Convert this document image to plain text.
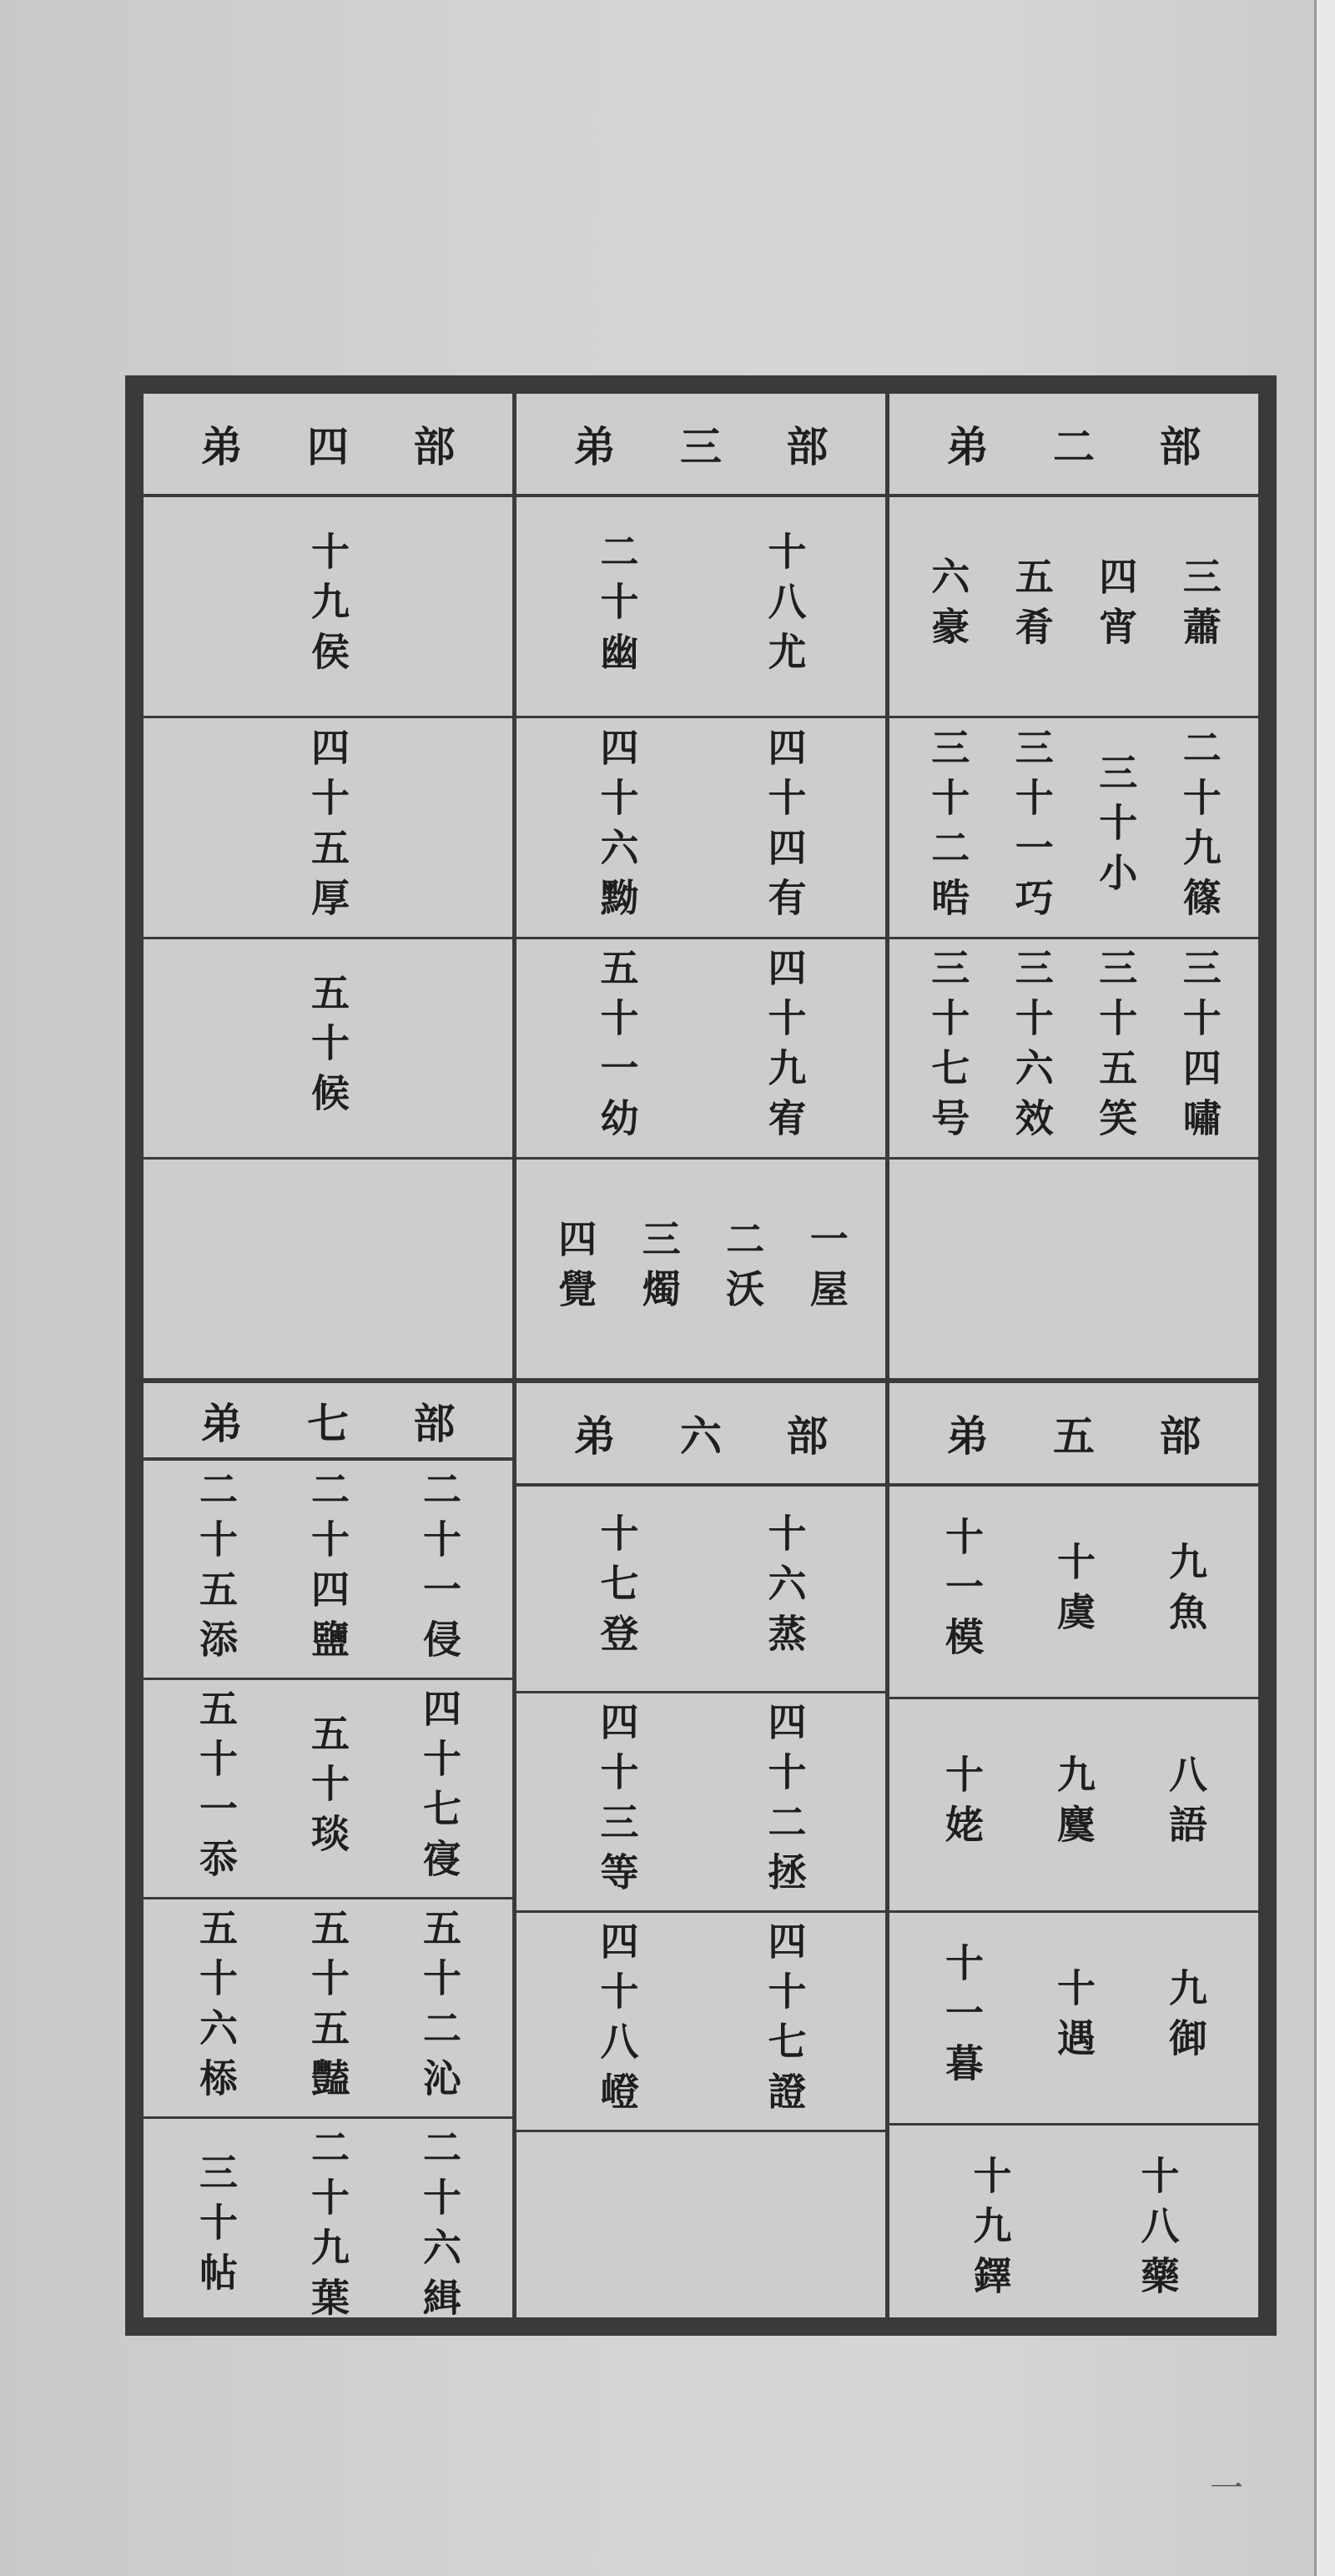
弟 二 部
三蕭
四宵
五肴
六豪
二十九篠
三十小
三十一巧
三十二晧
三十四嘯
三十五笑
三十六效
三十七号
弟 三 部
十八尤
二十幽
四十四有
四十六黝
四十九宥
五十一幼
一屋
二沃
三燭
四覺
弟 四 部
十九侯
四十五厚
五十候
弟 五 部
九魚
十虞
十一模
八語
九麌
十姥
九御
十遇
十一暮
十八藥
十九鐸
弟 六 部
十六蒸
十七登
四十二拯
四十三等
四十七證
四十八嶝
弟 七 部
二十一侵
二十四鹽
二十五添
四十七寑
五十琰
五十一忝
五十二沁
五十五豔
五十六㮇
二十六緝
二十九葉
三十帖
一
